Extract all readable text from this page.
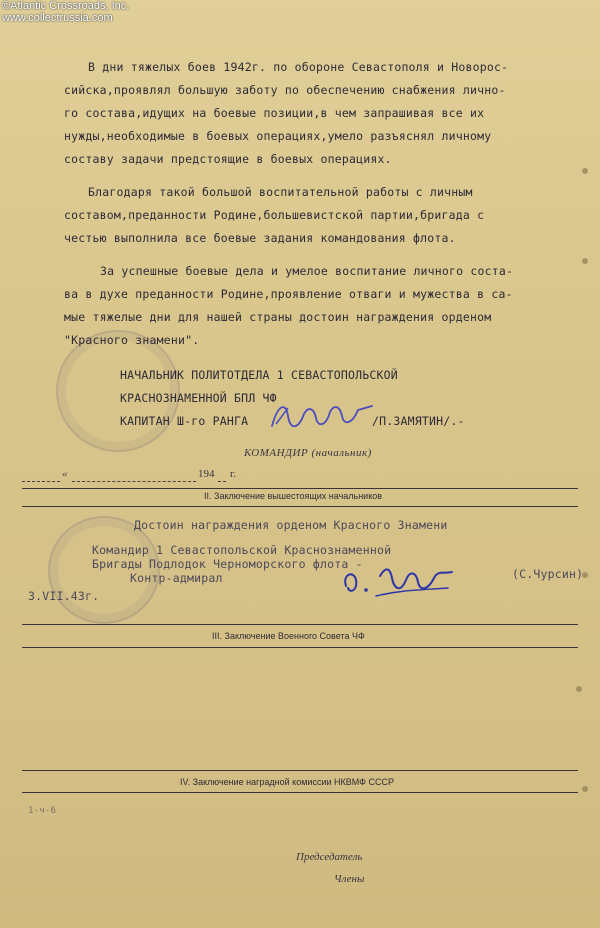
©Atlantic Crossroads, Inc.
www.collectrussia.com
В дни тяжелых боев 1942г. по обороне Севастополя и Новорос-
сийска,проявлял большую заботу по обеспечению снабжения личнo-
го состава,идущих на боевые позиции,в чем запрашивая все их
нужды,необходимые в боевых операциях,умело разъяснял личному
составу задачи предстоящие в боевых операциях.
Благодаря такой большой воспитательной работы с личным
составом,преданности Родине,большевистской партии,бригада с
честью выполнила все боевые задания командования флота.
За успешные боевые дела и умелое воспитание личного соста-
ва в духе преданности Родине,проявление отваги и мужества в са-
мые тяжелые дни для нашей страны достоин награждения орденом
"Красного знамени".
НАЧАЛЬНИК ПОЛИТОТДЕЛА 1 СЕВАСТОПОЛЬСКОЙ
КРАСНОЗНАМЕННОЙ БПЛ ЧФ
КАПИТАН Ш-го РАНГА	/П.ЗАМЯТИН/.-
КОМАНДИР (начальник)
«	194 г.
II. Заключение вышестоящих начальников
Достоин награждения орденом Красного Знамени
Командир 1 Севастопольской Краснознаменной
Бригады Подлодок Черноморского флота -
Контр-адмирал	(С.Чурсин)
3.VII.43г.
III. Заключение Военного Совета ЧФ
IV. Заключение наградной комиссии НКВМФ СССР
1-ч-6
Председатель
Члены
